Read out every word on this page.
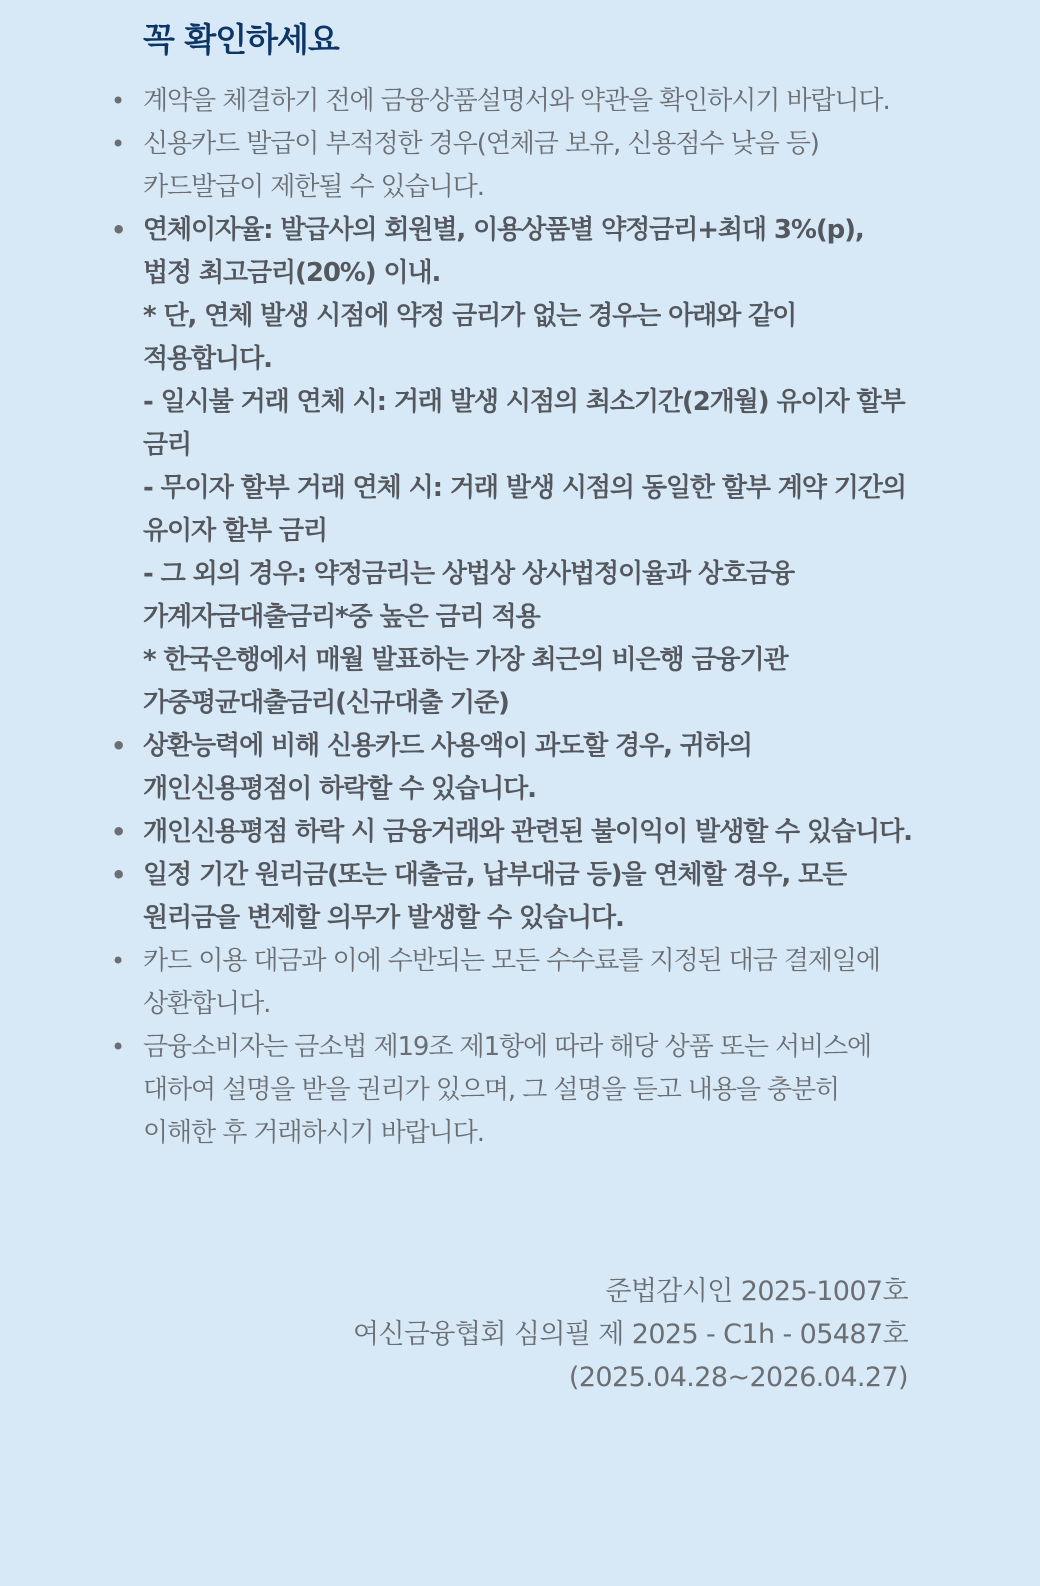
꼭 확인하세요
• 계약을 체결하기 전에 금융상품설명서와 약관을 확인하시기 바랍니다.
• 신용카드 발급이 부적정한 경우(연체금 보유, 신용점수 낮음 등) 카드발급이 제한될 수 있습니다.
• 연체이자율: 발급사의 회원별, 이용상품별 약정금리+최대 3%(p), 법정 최고금리(20%) 이내.
* 단, 연체 발생 시점에 약정 금리가 없는 경우는 아래와 같이 적용합니다.
- 일시불 거래 연체 시: 거래 발생 시점의 최소기간(2개월) 유이자 할부 금리
- 무이자 할부 거래 연체 시: 거래 발생 시점의 동일한 할부 계약 기간의 유이자 할부 금리
- 그 외의 경우: 약정금리는 상법상 상사법정이율과 상호금융 가계자금대출금리*중 높은 금리 적용
* 한국은행에서 매월 발표하는 가장 최근의 비은행 금융기관 가중평균대출금리(신규대출 기준)
• 상환능력에 비해 신용카드 사용액이 과도할 경우, 귀하의 개인신용평점이 하락할 수 있습니다.
• 개인신용평점 하락 시 금융거래와 관련된 불이익이 발생할 수 있습니다.
• 일정 기간 원리금(또는 대출금, 납부대금 등)을 연체할 경우, 모든 원리금을 변제할 의무가 발생할 수 있습니다.
• 카드 이용 대금과 이에 수반되는 모든 수수료를 지정된 대금 결제일에 상환합니다.
• 금융소비자는 금소법 제19조 제1항에 따라 해당 상품 또는 서비스에 대하여 설명을 받을 권리가 있으며, 그 설명을 듣고 내용을 충분히 이해한 후 거래하시기 바랍니다.
준법감시인 2025-1007호
여신금융협회 심의필 제 2025 - C1h - 05487호
(2025.04.28~2026.04.27)
